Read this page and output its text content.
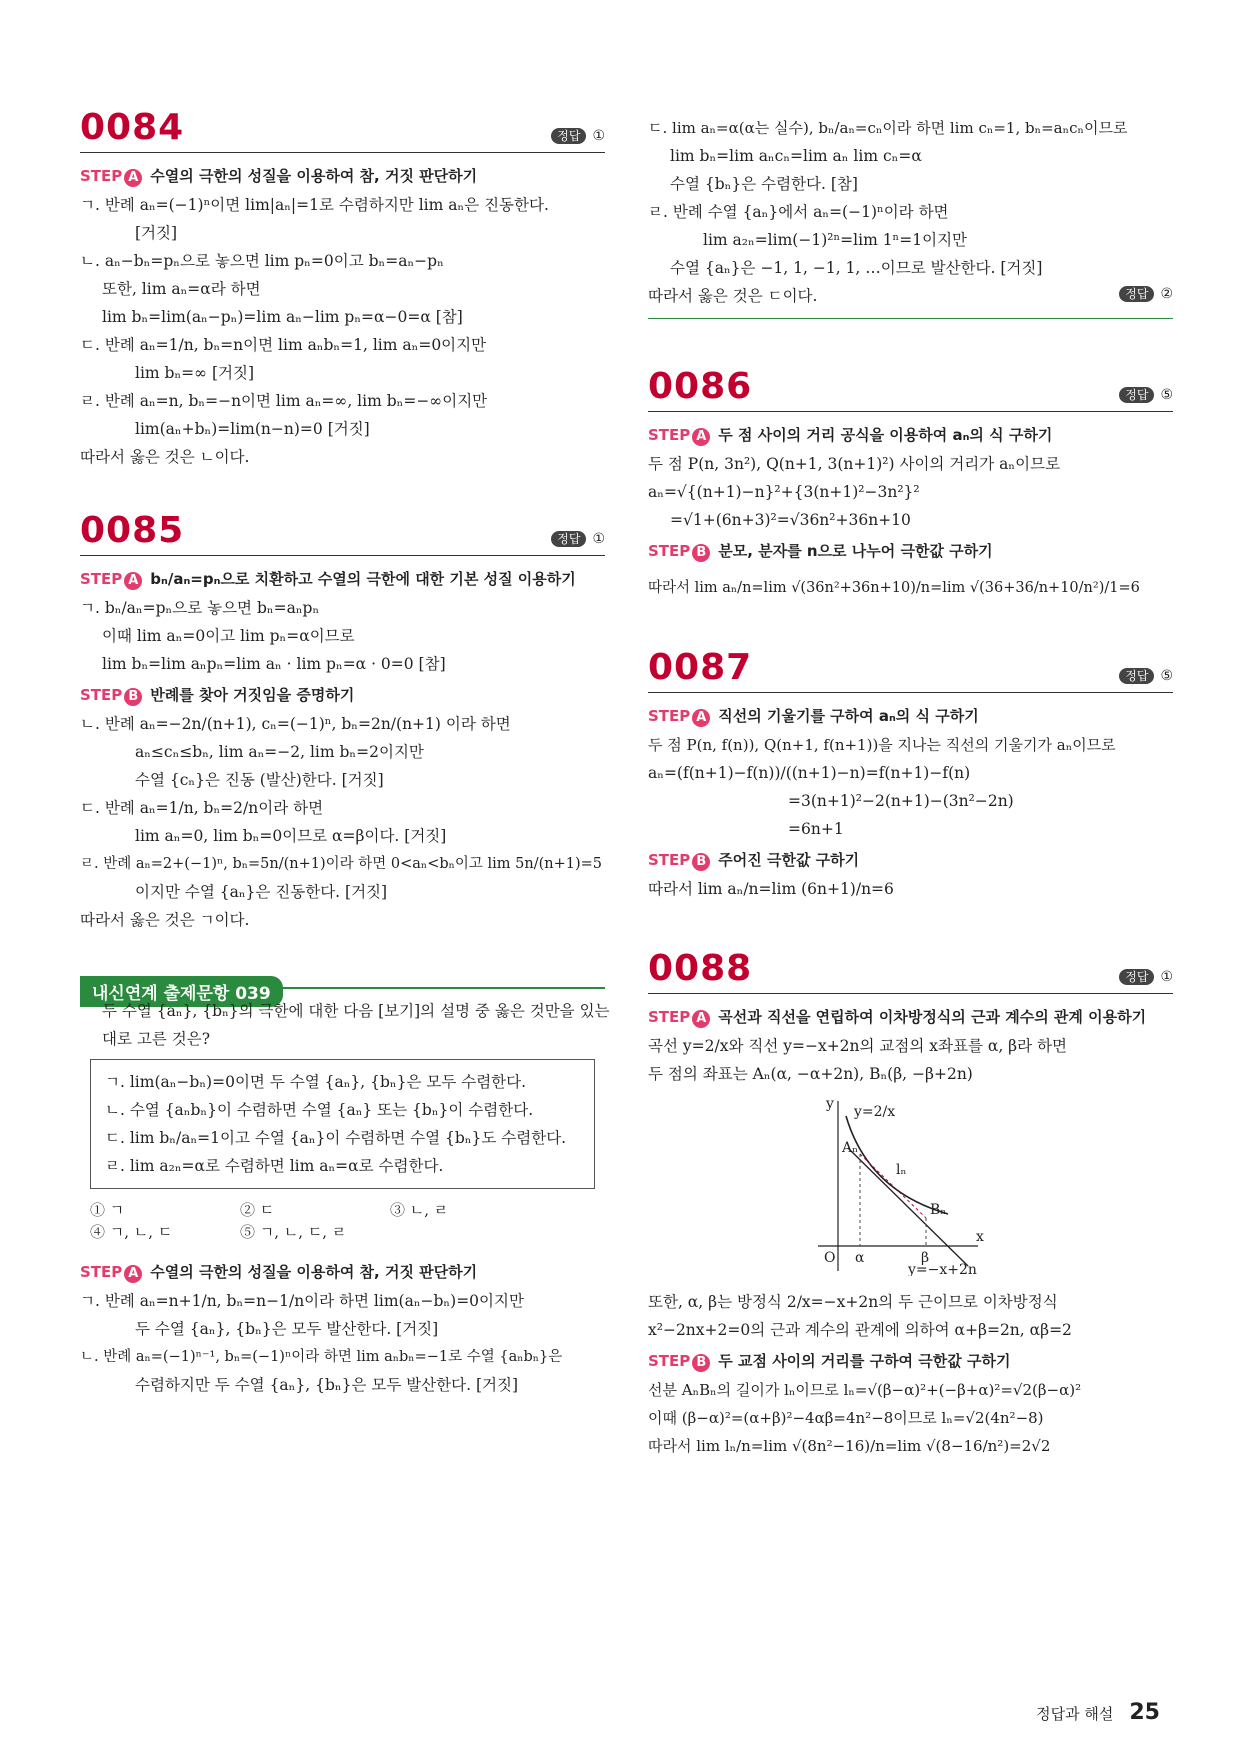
0084	정답 ①
STEP A 수열의 극한의 성질을 이용하여 참, 거짓 판단하기
ㄱ. 반례 aₙ=(−1)ⁿ이면 lim|aₙ|=1로 수렴하지만 lim aₙ은 진동한다.
[거짓]
ㄴ. aₙ−bₙ=pₙ으로 놓으면 lim pₙ=0이고 bₙ=aₙ−pₙ
또한, lim aₙ=α라 하면
lim bₙ=lim(aₙ−pₙ)=lim aₙ−lim pₙ=α−0=α [참]
ㄷ. 반례 aₙ=1/n, bₙ=n이면 lim aₙbₙ=1, lim aₙ=0이지만
lim bₙ=∞ [거짓]
ㄹ. 반례 aₙ=n, bₙ=−n이면 lim aₙ=∞, lim bₙ=−∞이지만
lim(aₙ+bₙ)=lim(n−n)=0 [거짓]
따라서 옳은 것은 ㄴ이다.
0085	정답 ①
STEP A bₙ/aₙ=pₙ으로 치환하고 수열의 극한에 대한 기본 성질 이용하기
ㄱ. bₙ/aₙ=pₙ으로 놓으면 bₙ=aₙpₙ
이때 lim aₙ=0이고 lim pₙ=α이므로
lim bₙ=lim aₙpₙ=lim aₙ · lim pₙ=α · 0=0 [참]
STEP B 반례를 찾아 거짓임을 증명하기
ㄴ. 반례 aₙ=−2n/(n+1), cₙ=(−1)ⁿ, bₙ=2n/(n+1) 이라 하면
aₙ≤cₙ≤bₙ, lim aₙ=−2, lim bₙ=2이지만
수열 {cₙ}은 진동 (발산)한다. [거짓]
ㄷ. 반례 aₙ=1/n, bₙ=2/n이라 하면
lim aₙ=0, lim bₙ=0이므로 α=β이다. [거짓]
ㄹ. 반례 aₙ=2+(−1)ⁿ, bₙ=5n/(n+1)이라 하면 0<aₙ<bₙ이고 lim 5n/(n+1)=5
이지만 수열 {aₙ}은 진동한다. [거짓]
따라서 옳은 것은 ㄱ이다.
내신연계 출제문항 039
두 수열 {aₙ}, {bₙ}의 극한에 대한 다음 [보기]의 설명 중 옳은 것만을 있는
대로 고른 것은?
ㄱ. lim(aₙ−bₙ)=0이면 두 수열 {aₙ}, {bₙ}은 모두 수렴한다.
ㄴ. 수열 {aₙbₙ}이 수렴하면 수열 {aₙ} 또는 {bₙ}이 수렴한다.
ㄷ. lim bₙ/aₙ=1이고 수열 {aₙ}이 수렴하면 수열 {bₙ}도 수렴한다.
ㄹ. lim a₂ₙ=α로 수렴하면 lim aₙ=α로 수렴한다.
① ㄱ	② ㄷ	③ ㄴ, ㄹ
④ ㄱ, ㄴ, ㄷ	⑤ ㄱ, ㄴ, ㄷ, ㄹ
STEP A 수열의 극한의 성질을 이용하여 참, 거짓 판단하기
ㄱ. 반례 aₙ=n+1/n, bₙ=n−1/n이라 하면 lim(aₙ−bₙ)=0이지만
두 수열 {aₙ}, {bₙ}은 모두 발산한다. [거짓]
ㄴ. 반례 aₙ=(−1)ⁿ⁻¹, bₙ=(−1)ⁿ이라 하면 lim aₙbₙ=−1로 수열 {aₙbₙ}은
수렴하지만 두 수열 {aₙ}, {bₙ}은 모두 발산한다. [거짓]
ㄷ. lim aₙ=α(α는 실수), bₙ/aₙ=cₙ이라 하면 lim cₙ=1, bₙ=aₙcₙ이므로
lim bₙ=lim aₙcₙ=lim aₙ lim cₙ=α
수열 {bₙ}은 수렴한다. [참]
ㄹ. 반례 수열 {aₙ}에서 aₙ=(−1)ⁿ이라 하면
lim a₂ₙ=lim(−1)²ⁿ=lim 1ⁿ=1이지만
수열 {aₙ}은 −1, 1, −1, 1, …이므로 발산한다. [거짓]
따라서 옳은 것은 ㄷ이다.	정답 ②
0086	정답 ⑤
STEP A 두 점 사이의 거리 공식을 이용하여 aₙ의 식 구하기
두 점 P(n, 3n²), Q(n+1, 3(n+1)²) 사이의 거리가 aₙ이므로
aₙ=√{(n+1)−n}²+{3(n+1)²−3n²}²
=√1+(6n+3)²=√36n²+36n+10
STEP B 분모, 분자를 n으로 나누어 극한값 구하기
따라서 lim aₙ/n=lim √(36n²+36n+10)/n=lim √(36+36/n+10/n²)/1=6
0087	정답 ⑤
STEP A 직선의 기울기를 구하여 aₙ의 식 구하기
두 점 P(n, f(n)), Q(n+1, f(n+1))을 지나는 직선의 기울기가 aₙ이므로
aₙ=(f(n+1)−f(n))/((n+1)−n)=f(n+1)−f(n)
=3(n+1)²−2(n+1)−(3n²−2n)
=6n+1
STEP B 주어진 극한값 구하기
따라서 lim aₙ/n=lim (6n+1)/n=6
0088	정답 ①
STEP A 곡선과 직선을 연립하여 이차방정식의 근과 계수의 관계 이용하기
곡선 y=2/x와 직선 y=−x+2n의 교점의 x좌표를 α, β라 하면
두 점의 좌표는 Aₙ(α, −α+2n), Bₙ(β, −β+2n)
y
x
O
y=2/x
y=−x+2n
lₙ
Aₙ
Bₙ
α	β
또한, α, β는 방정식 2/x=−x+2n의 두 근이므로 이차방정식
x²−2nx+2=0의 근과 계수의 관계에 의하여 α+β=2n, αβ=2
STEP B 두 교점 사이의 거리를 구하여 극한값 구하기
선분 AₙBₙ의 길이가 lₙ이므로 lₙ=√(β−α)²+(−β+α)²=√2(β−α)²
이때 (β−α)²=(α+β)²−4αβ=4n²−8이므로 lₙ=√2(4n²−8)
따라서 lim lₙ/n=lim √(8n²−16)/n=lim √(8−16/n²)=2√2
정답과 해설 25
